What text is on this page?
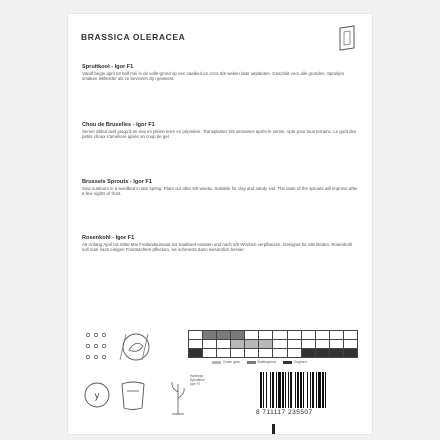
BRASSICA OLERACEA

Spruitkool - Igor F1

Vanaf begin april tot half mei in de volle grond op een zaaibed en circa 5/6 weken later uitplanten. Geschikt voor alle gronden. Spruitjes smaken lekkerder als ze bevroren zijn geweest.

Chou de Bruxelles - Igor F1

Semer début avril jusqu'à mi-mai en pleine terre en pépinière. Transplanter 5/6 semaines après le semis. Apte pour tous terrains. Le goût des petits choux s'améliore après un coup de gel.

Brussels Sprouts - Igor F1

Sow outdoors in a seedbed in late spring. Plant out after 5/6 weeks. Suitable for clay and sandy soil. The taste of the sprouts will improve after a few nights of frost.

Rosenkohl - Igor F1

Ab Anfang April bis Mitte Mai Freilandaussaat ins Saatbeet einsäen und nach 5/6 Wochen verpflanzen. Geeignet für alle Böden. Rosenkohl soll man nach einigen Frostnächten pflücken, sie schmeckt dann wesentlich besser.

y

Onder glas	Buitengrond	Oogsten
Hortitops
Spruitkool
Igor F1
8 711117 235507
